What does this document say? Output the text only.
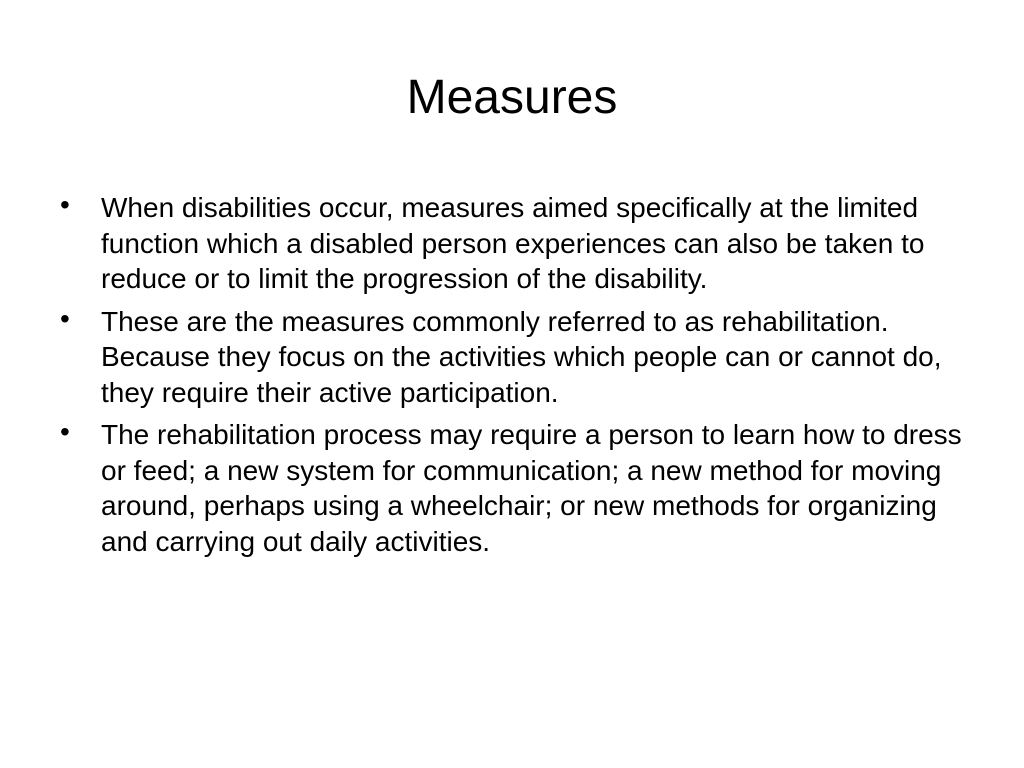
Measures
• When disabilities occur, measures aimed specifically at the limited function which a disabled person experiences can also be taken to reduce or to limit the progression of the disability.
• These are the measures commonly referred to as rehabilitation. Because they focus on the activities which people can or cannot do, they require their active participation.
• The rehabilitation process may require a person to learn how to dress or feed; a new system for communication; a new method for moving around, perhaps using a wheelchair; or new methods for organizing and carrying out daily activities.
